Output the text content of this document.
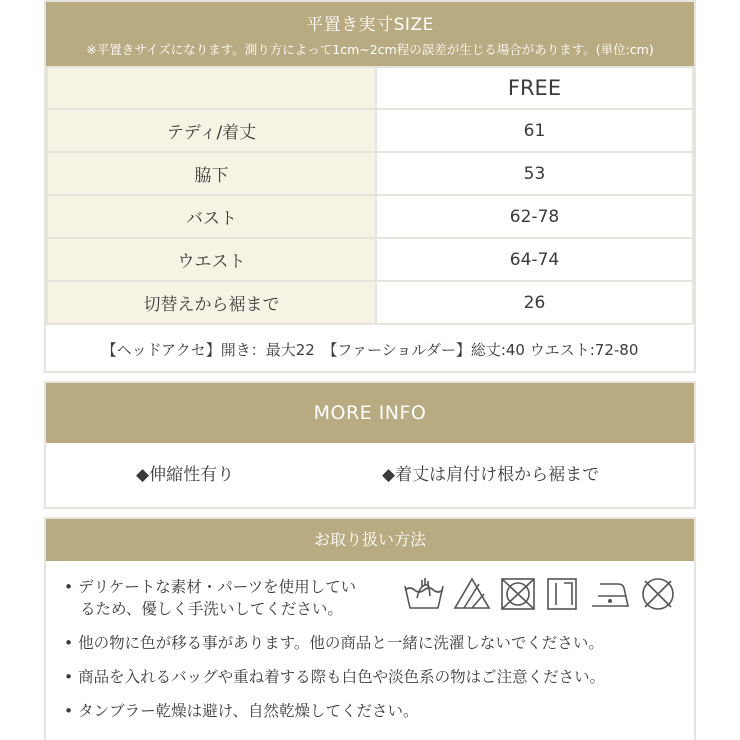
平置き実寸SIZE
※平置きサイズになります。測り方によって1cm~2cm程の誤差が生じる場合があります。(単位:cm)
	FREE
テディ/着丈	61
脇下	53
バスト	62-78
ウエスト	64-74
切替えから裾まで	26
【ヘッドアクセ】開き：最大22　【ファーショルダー】総丈:40 ウエスト:72-80
MORE INFO
◆伸縮性有り	◆着丈は肩付け根から裾まで
お取り扱い方法
• デリケートな素材・パーツを使用してい
るため、優しく手洗いしてください。
• 他の物に色が移る事があります。他の商品と一緒に洗濯しないでください。
• 商品を入れるバッグや重ね着する際も白色や淡色系の物はご注意ください。
• タンブラー乾燥は避け、自然乾燥してください。
